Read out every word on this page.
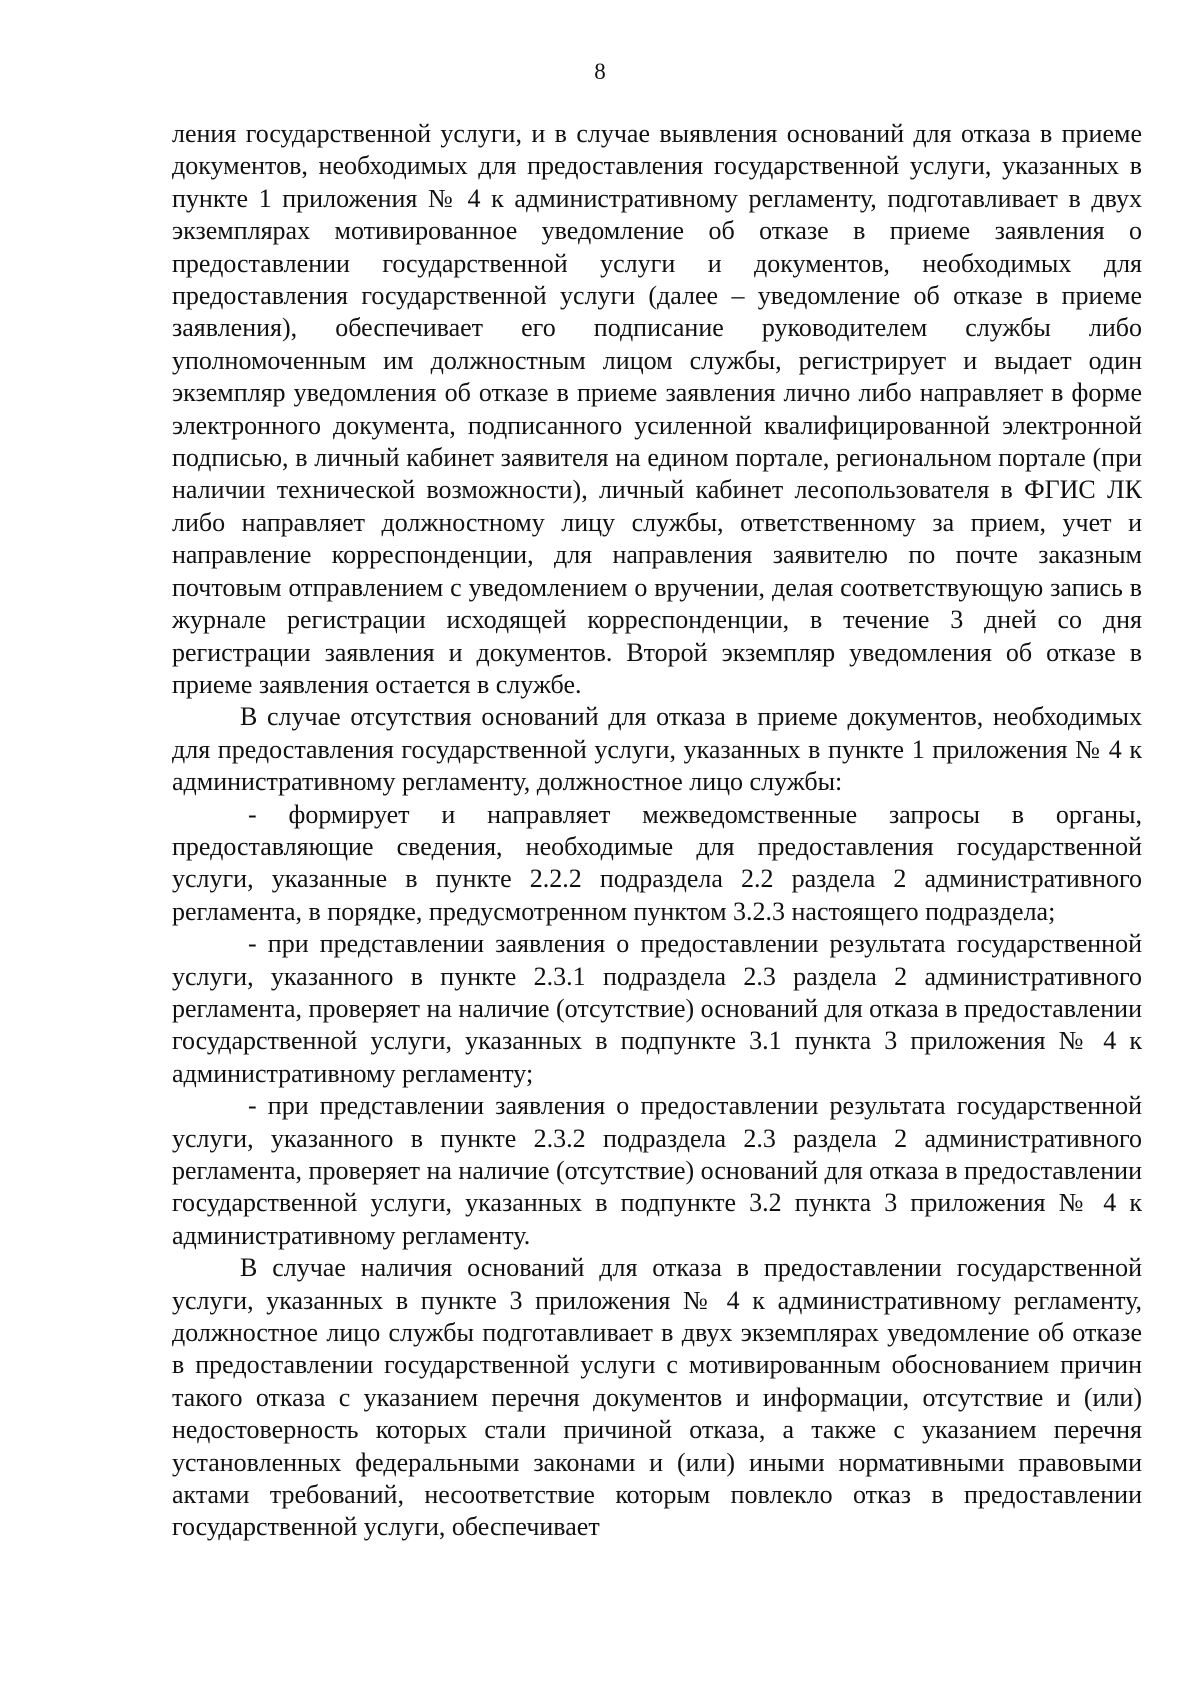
8

ления государственной услуги, и в случае выявления оснований для отказа в приеме документов, необходимых для предоставления государственной услуги, указанных в пункте 1 приложения № 4 к административному регламенту, подготавливает в двух экземплярах мотивированное уведомление об отказе в приеме заявления о предоставлении государственной услуги и документов, необходимых для предоставления государственной услуги (далее – уведомление об отказе в приеме заявления), обеспечивает его подписание руководителем службы либо уполномоченным им должностным лицом службы, регистрирует и выдает один экземпляр уведомления об отказе в приеме заявления лично либо направляет в форме электронного документа, подписанного усиленной квалифицированной электронной подписью, в личный кабинет заявителя на едином портале, региональном портале (при наличии технической возможности), личный кабинет лесопользователя в ФГИС ЛК либо направляет должностному лицу службы, ответственному за прием, учет и направление корреспонденции, для направления заявителю по почте заказным почтовым отправлением с уведомлением о вручении, делая соответствующую запись в журнале регистрации исходящей корреспонденции, в течение 3 дней со дня регистрации заявления и документов. Второй экземпляр уведомления об отказе в приеме заявления остается в службе.

В случае отсутствия оснований для отказа в приеме документов, необходимых для предоставления государственной услуги, указанных в пункте 1 приложения № 4 к административному регламенту, должностное лицо службы:

- формирует и направляет межведомственные запросы в органы, предоставляющие сведения, необходимые для предоставления государственной услуги, указанные в пункте 2.2.2 подраздела 2.2 раздела 2 административного регламента, в порядке, предусмотренном пунктом 3.2.3 настоящего подраздела;

- при представлении заявления о предоставлении результата государственной услуги, указанного в пункте 2.3.1 подраздела 2.3 раздела 2 административного регламента, проверяет на наличие (отсутствие) оснований для отказа в предоставлении государственной услуги, указанных в подпункте 3.1 пункта 3 приложения № 4 к административному регламенту;

- при представлении заявления о предоставлении результата государственной услуги, указанного в пункте 2.3.2 подраздела 2.3 раздела 2 административного регламента, проверяет на наличие (отсутствие) оснований для отказа в предоставлении государственной услуги, указанных в подпункте 3.2 пункта 3 приложения № 4 к административному регламенту.

В случае наличия оснований для отказа в предоставлении государственной услуги, указанных в пункте 3 приложения № 4 к административному регламенту, должностное лицо службы подготавливает в двух экземплярах уведомление об отказе в предоставлении государственной услуги с мотивированным обоснованием причин такого отказа с указанием перечня документов и информации, отсутствие и (или) недостоверность которых стали причиной отказа, а также с указанием перечня установленных федеральными законами и (или) иными нормативными правовыми актами требований, несоответствие которым повлекло отказ в предоставлении государственной услуги, обеспечивает
